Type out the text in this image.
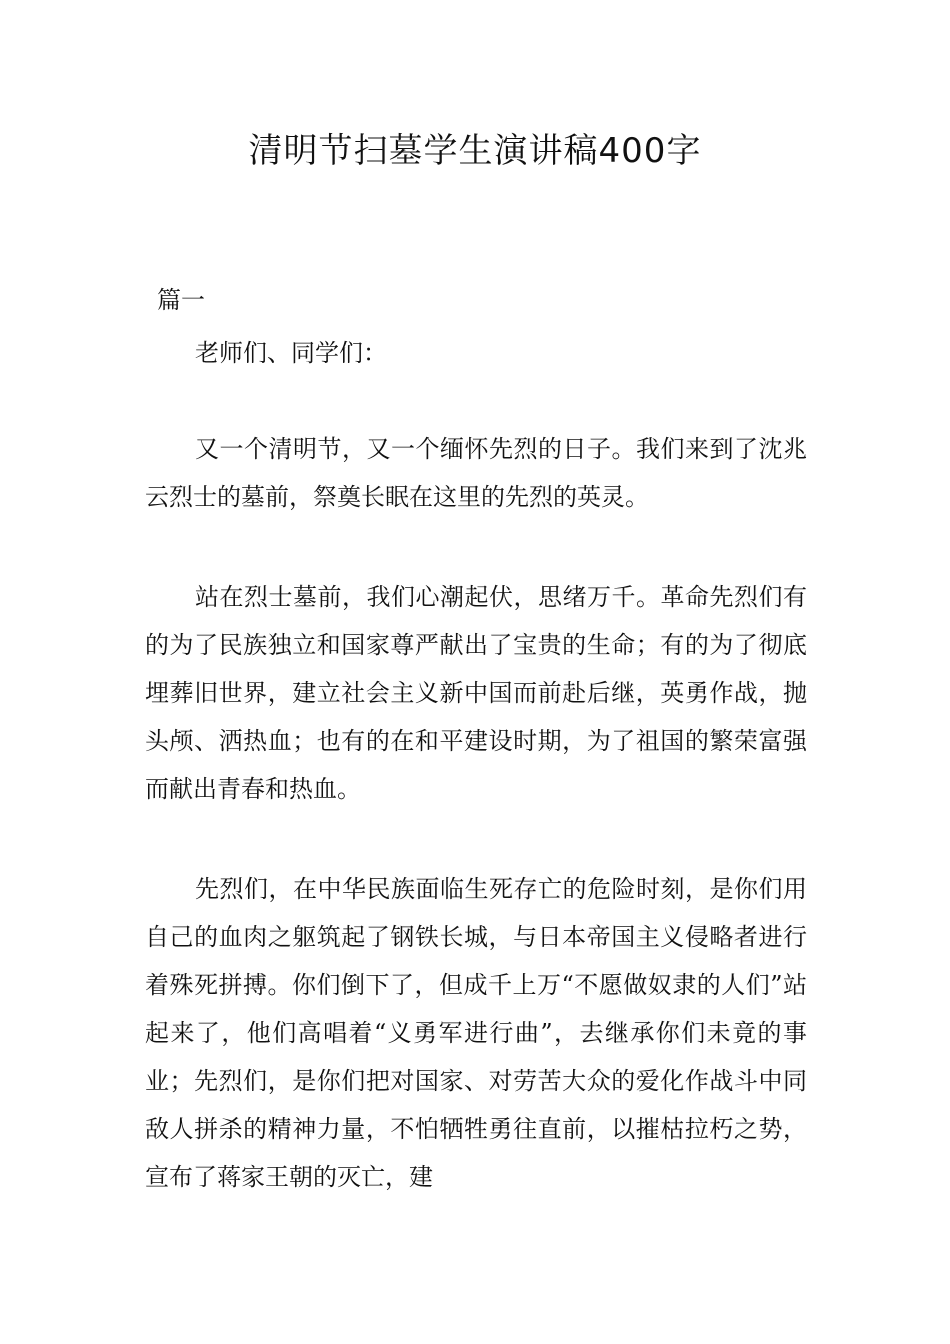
清明节扫墓学生演讲稿400字

篇一

老师们、同学们：

又一个清明节，又一个缅怀先烈的日子。我们来到了沈兆云烈士的墓前，祭奠长眠在这里的先烈的英灵。

站在烈士墓前，我们心潮起伏，思绪万千。革命先烈们有的为了民族独立和国家尊严献出了宝贵的生命；有的为了彻底埋葬旧世界，建立社会主义新中国而前赴后继，英勇作战，抛头颅、洒热血；也有的在和平建设时期，为了祖国的繁荣富强而献出青春和热血。

先烈们，在中华民族面临生死存亡的危险时刻，是你们用自己的血肉之躯筑起了钢铁长城，与日本帝国主义侵略者进行着殊死拼搏。你们倒下了，但成千上万“不愿做奴隶的人们”站起来了，他们高唱着“义勇军进行曲”，去继承你们未竟的事业；先烈们，是你们把对国家、对劳苦大众的爱化作战斗中同敌人拼杀的精神力量，不怕牺牲勇往直前，以摧枯拉朽之势，宣布了蒋家王朝的灭亡，建
